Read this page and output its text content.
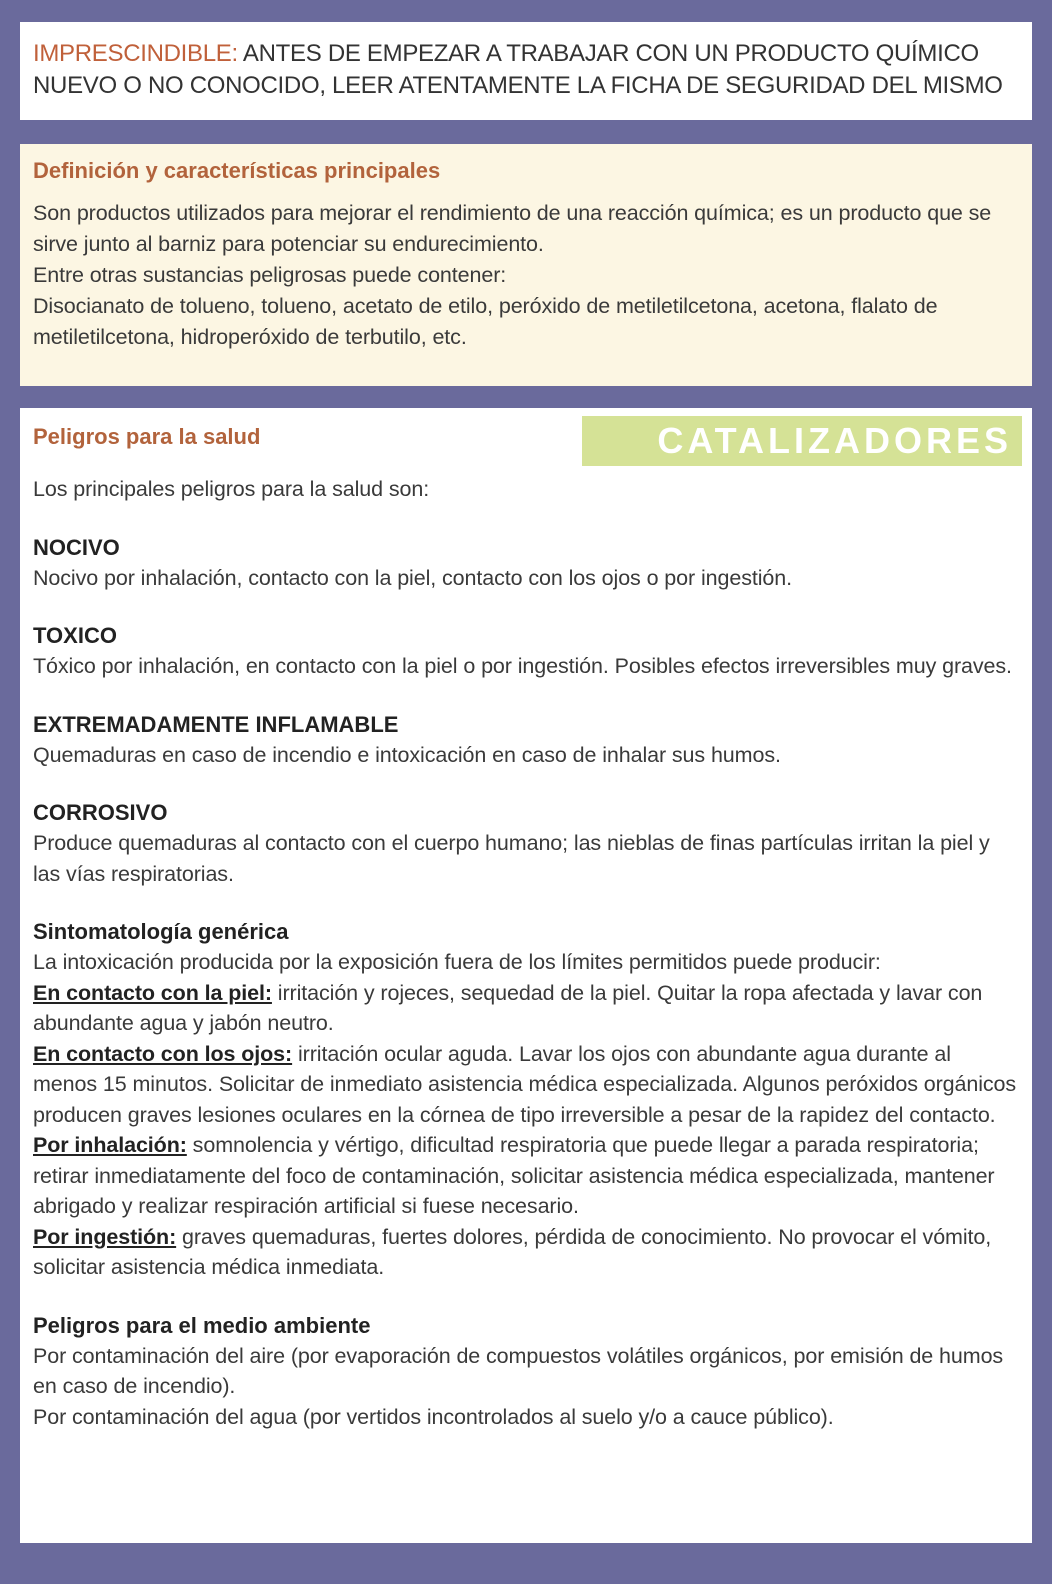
IMPRESCINDIBLE: ANTES DE EMPEZAR A TRABAJAR CON UN PRODUCTO QUÍMICO NUEVO O NO CONOCIDO, LEER ATENTAMENTE LA FICHA DE SEGURIDAD DEL MISMO

Definición y características principales

Son productos utilizados para mejorar el rendimiento de una reacción química; es un producto que se sirve junto al barniz para potenciar su endurecimiento.
Entre otras sustancias peligrosas puede contener:
Disocianato de tolueno, tolueno, acetato de etilo, peróxido de metiletilcetona, acetona, flalato de metiletilcetona, hidroperóxido de terbutilo, etc.

CATALIZADORES
Peligros para la salud

Los principales peligros para la salud son:

NOCIVO

Nocivo por inhalación, contacto con la piel, contacto con los ojos o por ingestión.

TOXICO

Tóxico por inhalación, en contacto con la piel o por ingestión. Posibles efectos irreversibles muy graves.

EXTREMADAMENTE INFLAMABLE

Quemaduras en caso de incendio e intoxicación en caso de inhalar sus humos.

CORROSIVO

Produce quemaduras al contacto con el cuerpo humano; las nieblas de finas partículas irritan la piel y las vías respiratorias.

Sintomatología genérica

La intoxicación producida por la exposición fuera de los límites permitidos puede producir:

En contacto con la piel: irritación y rojeces, sequedad de la piel. Quitar la ropa afectada y lavar con abundante agua y jabón neutro.

En contacto con los ojos: irritación ocular aguda. Lavar los ojos con abundante agua durante al menos 15 minutos. Solicitar de inmediato asistencia médica especializada. Algunos peróxidos orgánicos producen graves lesiones oculares en la córnea de tipo irreversible a pesar de la rapidez del contacto.

Por inhalación: somnolencia y vértigo, dificultad respiratoria que puede llegar a parada respiratoria; retirar inmediatamente del foco de contaminación, solicitar asistencia médica especializada, mantener abrigado y realizar respiración artificial si fuese necesario.

Por ingestión: graves quemaduras, fuertes dolores, pérdida de conocimiento. No provocar el vómito, solicitar asistencia médica inmediata.

Peligros para el medio ambiente

Por contaminación del aire (por evaporación de compuestos volátiles orgánicos, por emisión de humos en caso de incendio).

Por contaminación del agua (por vertidos incontrolados al suelo y/o a cauce público).
